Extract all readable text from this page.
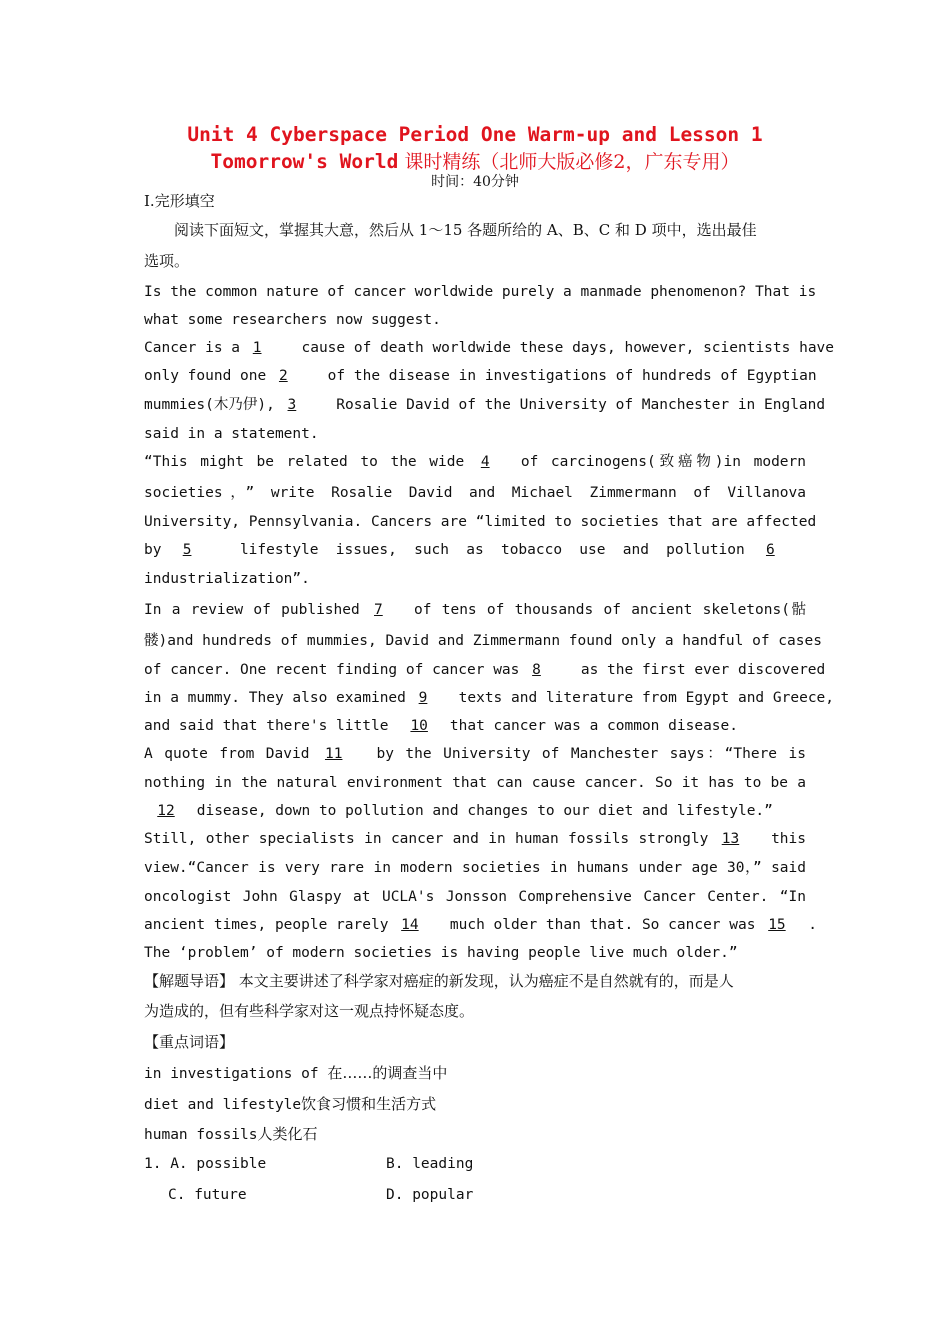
Unit 4 Cyberspace Period One Warm-up and Lesson 1
Tomorrow's World 课时精练（北师大版必修2，广东专用）
时间：40分钟
I.完形填空
　　阅读下面短文，掌握其大意，然后从 1～15 各题所给的 A、B、C 和 D 项中，选出最佳
选项。
Is the common nature of cancer worldwide purely a manmade phenomenon? That is
what some researchers now suggest.
Cancer is a 1 cause of death worldwide these days, however, scientists have
only found one 2 of the disease in investigations of hundreds of Egyptian
mummies(木乃伊), 3 Rosalie David of the University of Manchester in England
said in a statement.
“This might be related to the wide 4 of carcinogens(致癌物)in modern
societies，” write Rosalie David and Michael Zimmermann of Villanova
University, Pennsylvania. Cancers are “limited to societies that are affected
by 5 lifestyle issues, such as tobacco use and pollution 6
industrialization”.
In a review of published 7 of tens of thousands of ancient skeletons(骷
髅)and hundreds of mummies, David and Zimmermann found only a handful of cases
of cancer. One recent finding of cancer was 8 as the first ever discovered
in a mummy. They also examined 9 texts and literature from Egypt and Greece,
and said that there's little 10 that cancer was a common disease.
A quote from David 11 by the University of Manchester says：“There is
nothing in the natural environment that can cause cancer. So it has to be a
12 disease, down to pollution and changes to our diet and lifestyle.”
Still, other specialists in cancer and in human fossils strongly 13 this
view.“Cancer is very rare in modern societies in humans under age 30，” said
oncologist John Glaspy at UCLA's Jonsson Comprehensive Cancer Center. “In
ancient times, people rarely 14 much older than that. So cancer was 15 .
The ‘problem’ of modern societies is having people live much older.”
【解题导语】 本文主要讲述了科学家对癌症的新发现，认为癌症不是自然就有的，而是人
为造成的，但有些科学家对这一观点持怀疑态度。
【重点词语】
in investigations of 在……的调查当中
diet and lifestyle饮食习惯和生活方式
human fossils人类化石
1. A. possible	B. leading
C. future	D. popular
